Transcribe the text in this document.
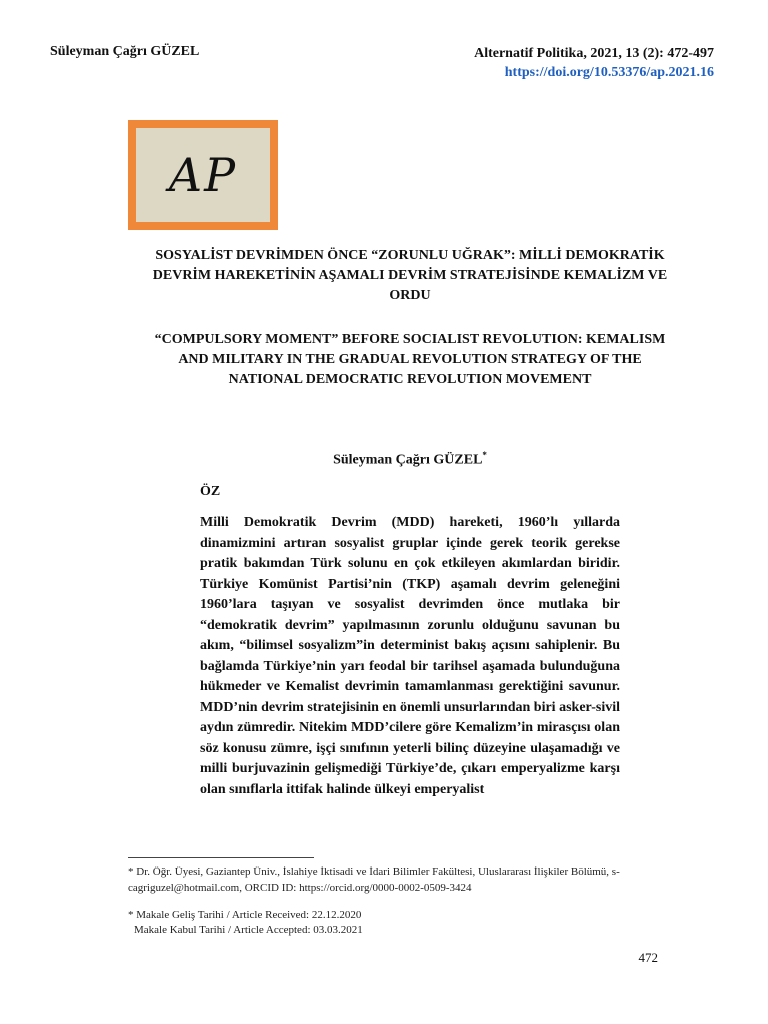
Süleyman Çağrı GÜZEL	Alternatif Politika, 2021, 13 (2): 472-497
https://doi.org/10.53376/ap.2021.16
AP
SOSYALİST DEVRİMDEN ÖNCE “ZORUNLU UĞRAK”: MİLLİ DEMOKRATİK DEVRİM HAREKETİNİN AŞAMALI DEVRİM STRATEJİSİNDE KEMALİZM VE ORDU
“COMPULSORY MOMENT” BEFORE SOCIALIST REVOLUTION: KEMALISM AND MILITARY IN THE GRADUAL REVOLUTION STRATEGY OF THE NATIONAL DEMOCRATIC REVOLUTION MOVEMENT
Süleyman Çağrı GÜZEL*
ÖZ
Milli Demokratik Devrim (MDD) hareketi, 1960’lı yıllarda dinamizmini artıran sosyalist gruplar içinde gerek teorik gerekse pratik bakımdan Türk solunu en çok etkileyen akımlardan biridir. Türkiye Komünist Partisi’nin (TKP) aşamalı devrim geleneğini 1960’lara taşıyan ve sosyalist devrimden önce mutlaka bir “demokratik devrim” yapılmasının zorunlu olduğunu savunan bu akım, “bilimsel sosyalizm”in determinist bakış açısını sahiplenir. Bu bağlamda Türkiye’nin yarı feodal bir tarihsel aşamada bulunduğuna hükmeder ve Kemalist devrimin tamamlanması gerektiğini savunur. MDD’nin devrim stratejisinin en önemli unsurlarından biri asker-sivil aydın zümredir. Nitekim MDD’cilere göre Kemalizm’in mirasçısı olan söz konusu zümre, işçi sınıfının yeterli bilinç düzeyine ulaşamadığı ve milli burjuvazinin gelişmediği Türkiye’de, çıkarı emperyalizme karşı olan sınıflarla ittifak halinde ülkeyi emperyalist
* Dr. Öğr. Üyesi, Gaziantep Üniv., İslahiye İktisadi ve İdari Bilimler Fakültesi, Uluslararası İlişkiler Bölümü, s-cagriguzel@hotmail.com, ORCID ID: https://orcid.org/0000-0002-0509-3424
* Makale Geliş Tarihi / Article Received: 22.12.2020
Makale Kabul Tarihi / Article Accepted: 03.03.2021
472
